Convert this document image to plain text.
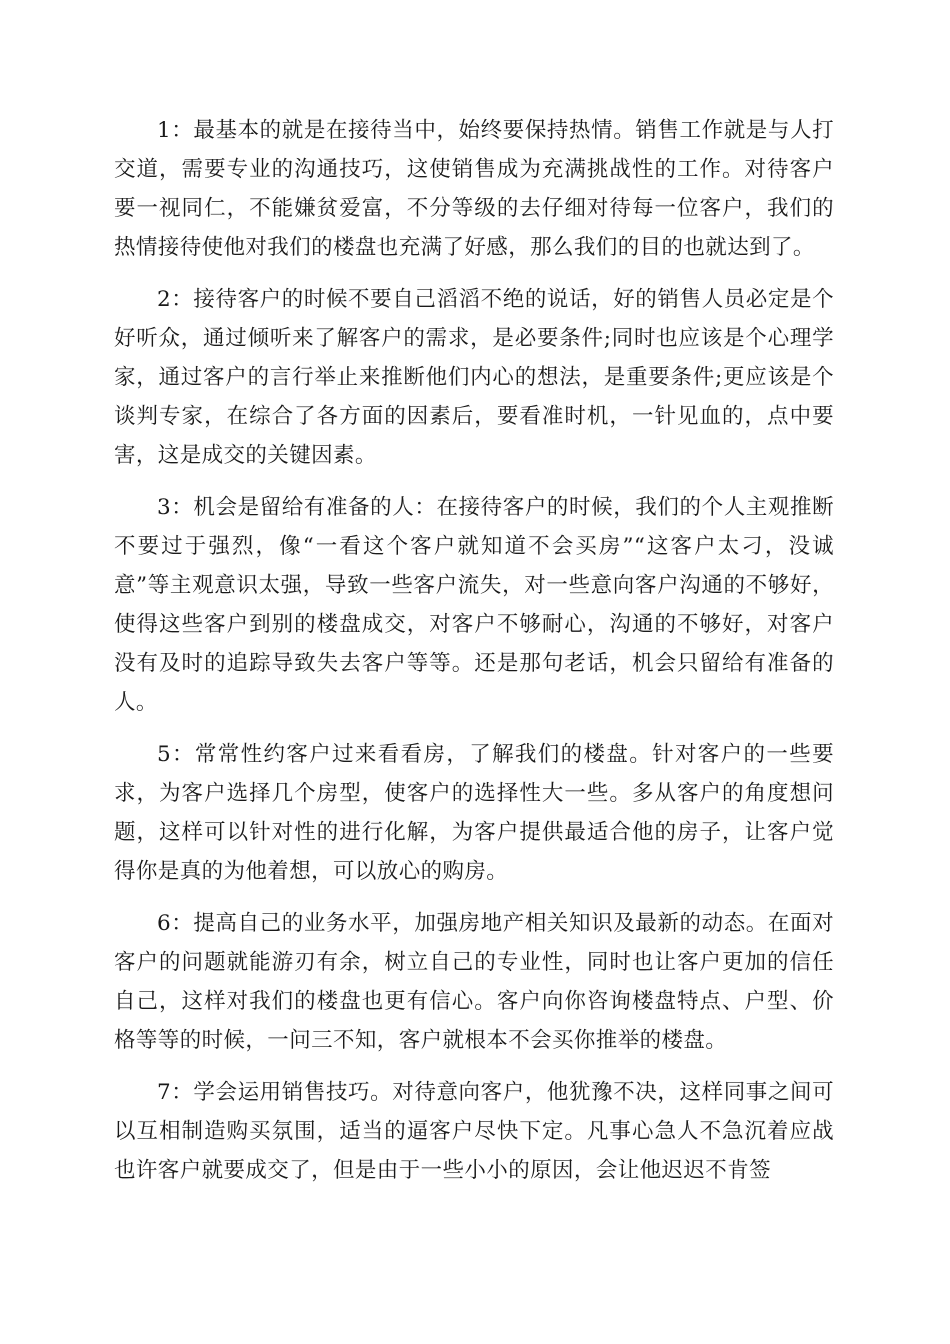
1：最基本的就是在接待当中，始终要保持热情。销售工作就是与人打交道，需要专业的沟通技巧，这使销售成为充满挑战性的工作。对待客户要一视同仁，不能嫌贫爱富，不分等级的去仔细对待每一位客户，我们的热情接待使他对我们的楼盘也充满了好感，那么我们的目的也就达到了。

2：接待客户的时候不要自己滔滔不绝的说话，好的销售人员必定是个好听众，通过倾听来了解客户的需求，是必要条件;同时也应该是个心理学家，通过客户的言行举止来推断他们内心的想法，是重要条件;更应该是个谈判专家，在综合了各方面的因素后，要看准时机，一针见血的，点中要害，这是成交的关键因素。

3：机会是留给有准备的人：在接待客户的时候，我们的个人主观推断不要过于强烈，像“一看这个客户就知道不会买房”“这客户太刁，没诚意”等主观意识太强，导致一些客户流失，对一些意向客户沟通的不够好，使得这些客户到别的楼盘成交，对客户不够耐心，沟通的不够好，对客户没有及时的追踪导致失去客户等等。还是那句老话，机会只留给有准备的人。

5：常常性约客户过来看看房，了解我们的楼盘。针对客户的一些要求，为客户选择几个房型，使客户的选择性大一些。多从客户的角度想问题，这样可以针对性的进行化解，为客户提供最适合他的房子，让客户觉得你是真的为他着想，可以放心的购房。

6：提高自己的业务水平，加强房地产相关知识及最新的动态。在面对客户的问题就能游刃有余，树立自己的专业性，同时也让客户更加的信任自己，这样对我们的楼盘也更有信心。客户向你咨询楼盘特点、户型、价格等等的时候，一问三不知，客户就根本不会买你推举的楼盘。

7：学会运用销售技巧。对待意向客户，他犹豫不决，这样同事之间可以互相制造购买氛围，适当的逼客户尽快下定。凡事心急人不急沉着应战也许客户就要成交了，但是由于一些小小的原因，会让他迟迟不肯签
